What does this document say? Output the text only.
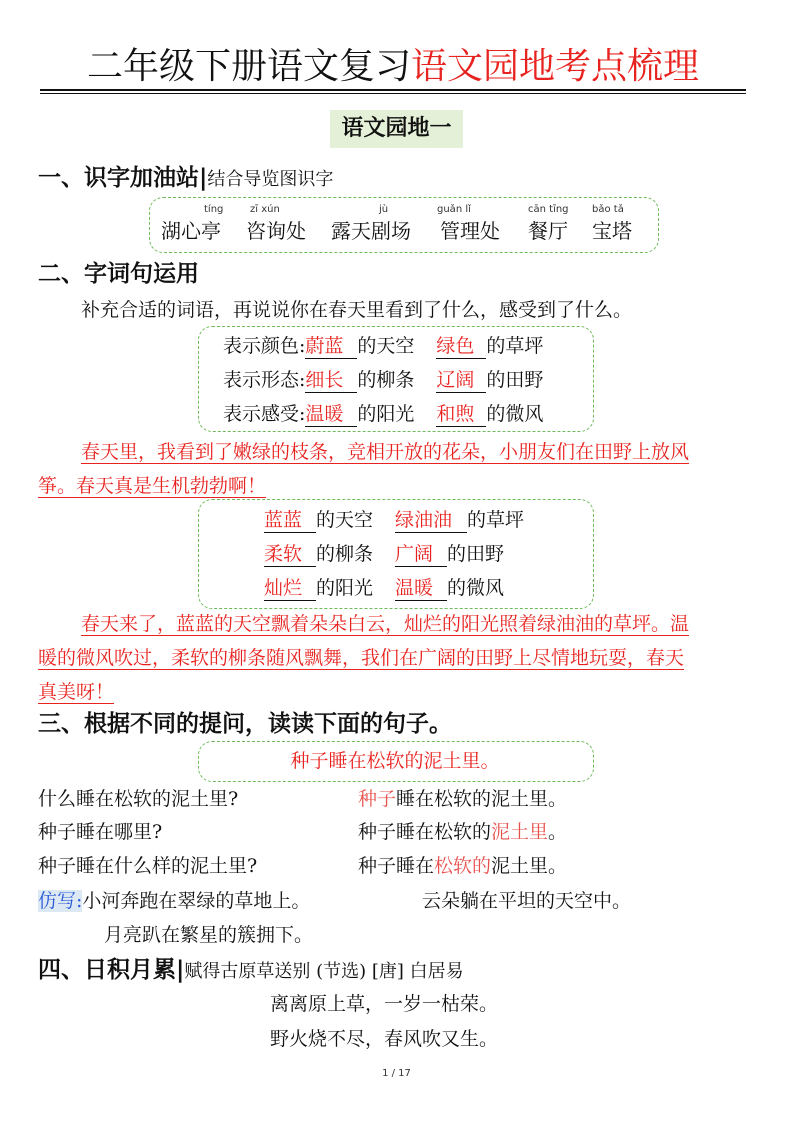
二年级下册语文复习语文园地考点梳理
语文园地一
一、识字加油站|结合导览图识字
tíng
湖心亭
zī xún
咨询处
jù
露天剧场
guǎn lǐ
管理处
cān tīng
餐厅
bǎo tǎ
宝塔
二、字词句运用
补充合适的词语，再说说你在春天里看到了什么，感受到了什么。
表示颜色:蔚蓝 的天空 绿色 的草坪
表示形态:细长 的柳条 辽阔 的田野
表示感受:温暖 的阳光 和煦 的微风
春天里，我看到了嫩绿的枝条，竞相开放的花朵，小朋友们在田野上放风
筝。春天真是生机勃勃啊！
蓝蓝 的天空 绿油油 的草坪
柔软 的柳条 广阔 的田野
灿烂 的阳光 温暖 的微风
春天来了，蓝蓝的天空飘着朵朵白云，灿烂的阳光照着绿油油的草坪。温
暖的微风吹过，柔软的柳条随风飘舞，我们在广阔的田野上尽情地玩耍，春天
真美呀！
三、根据不同的提问，读读下面的句子。
种子睡在松软的泥土里。
什么睡在松软的泥土里?	种子睡在松软的泥土里。
种子睡在哪里?	种子睡在松软的泥土里。
种子睡在什么样的泥土里?	种子睡在松软的泥土里。
仿写:小河奔跑在翠绿的草地上。	云朵躺在平坦的天空中。
月亮趴在繁星的簇拥下。
四、日积月累|赋得古原草送别 (节选) [唐] 白居易
离离原上草，一岁一枯荣。
野火烧不尽，春风吹又生。
1 / 17
